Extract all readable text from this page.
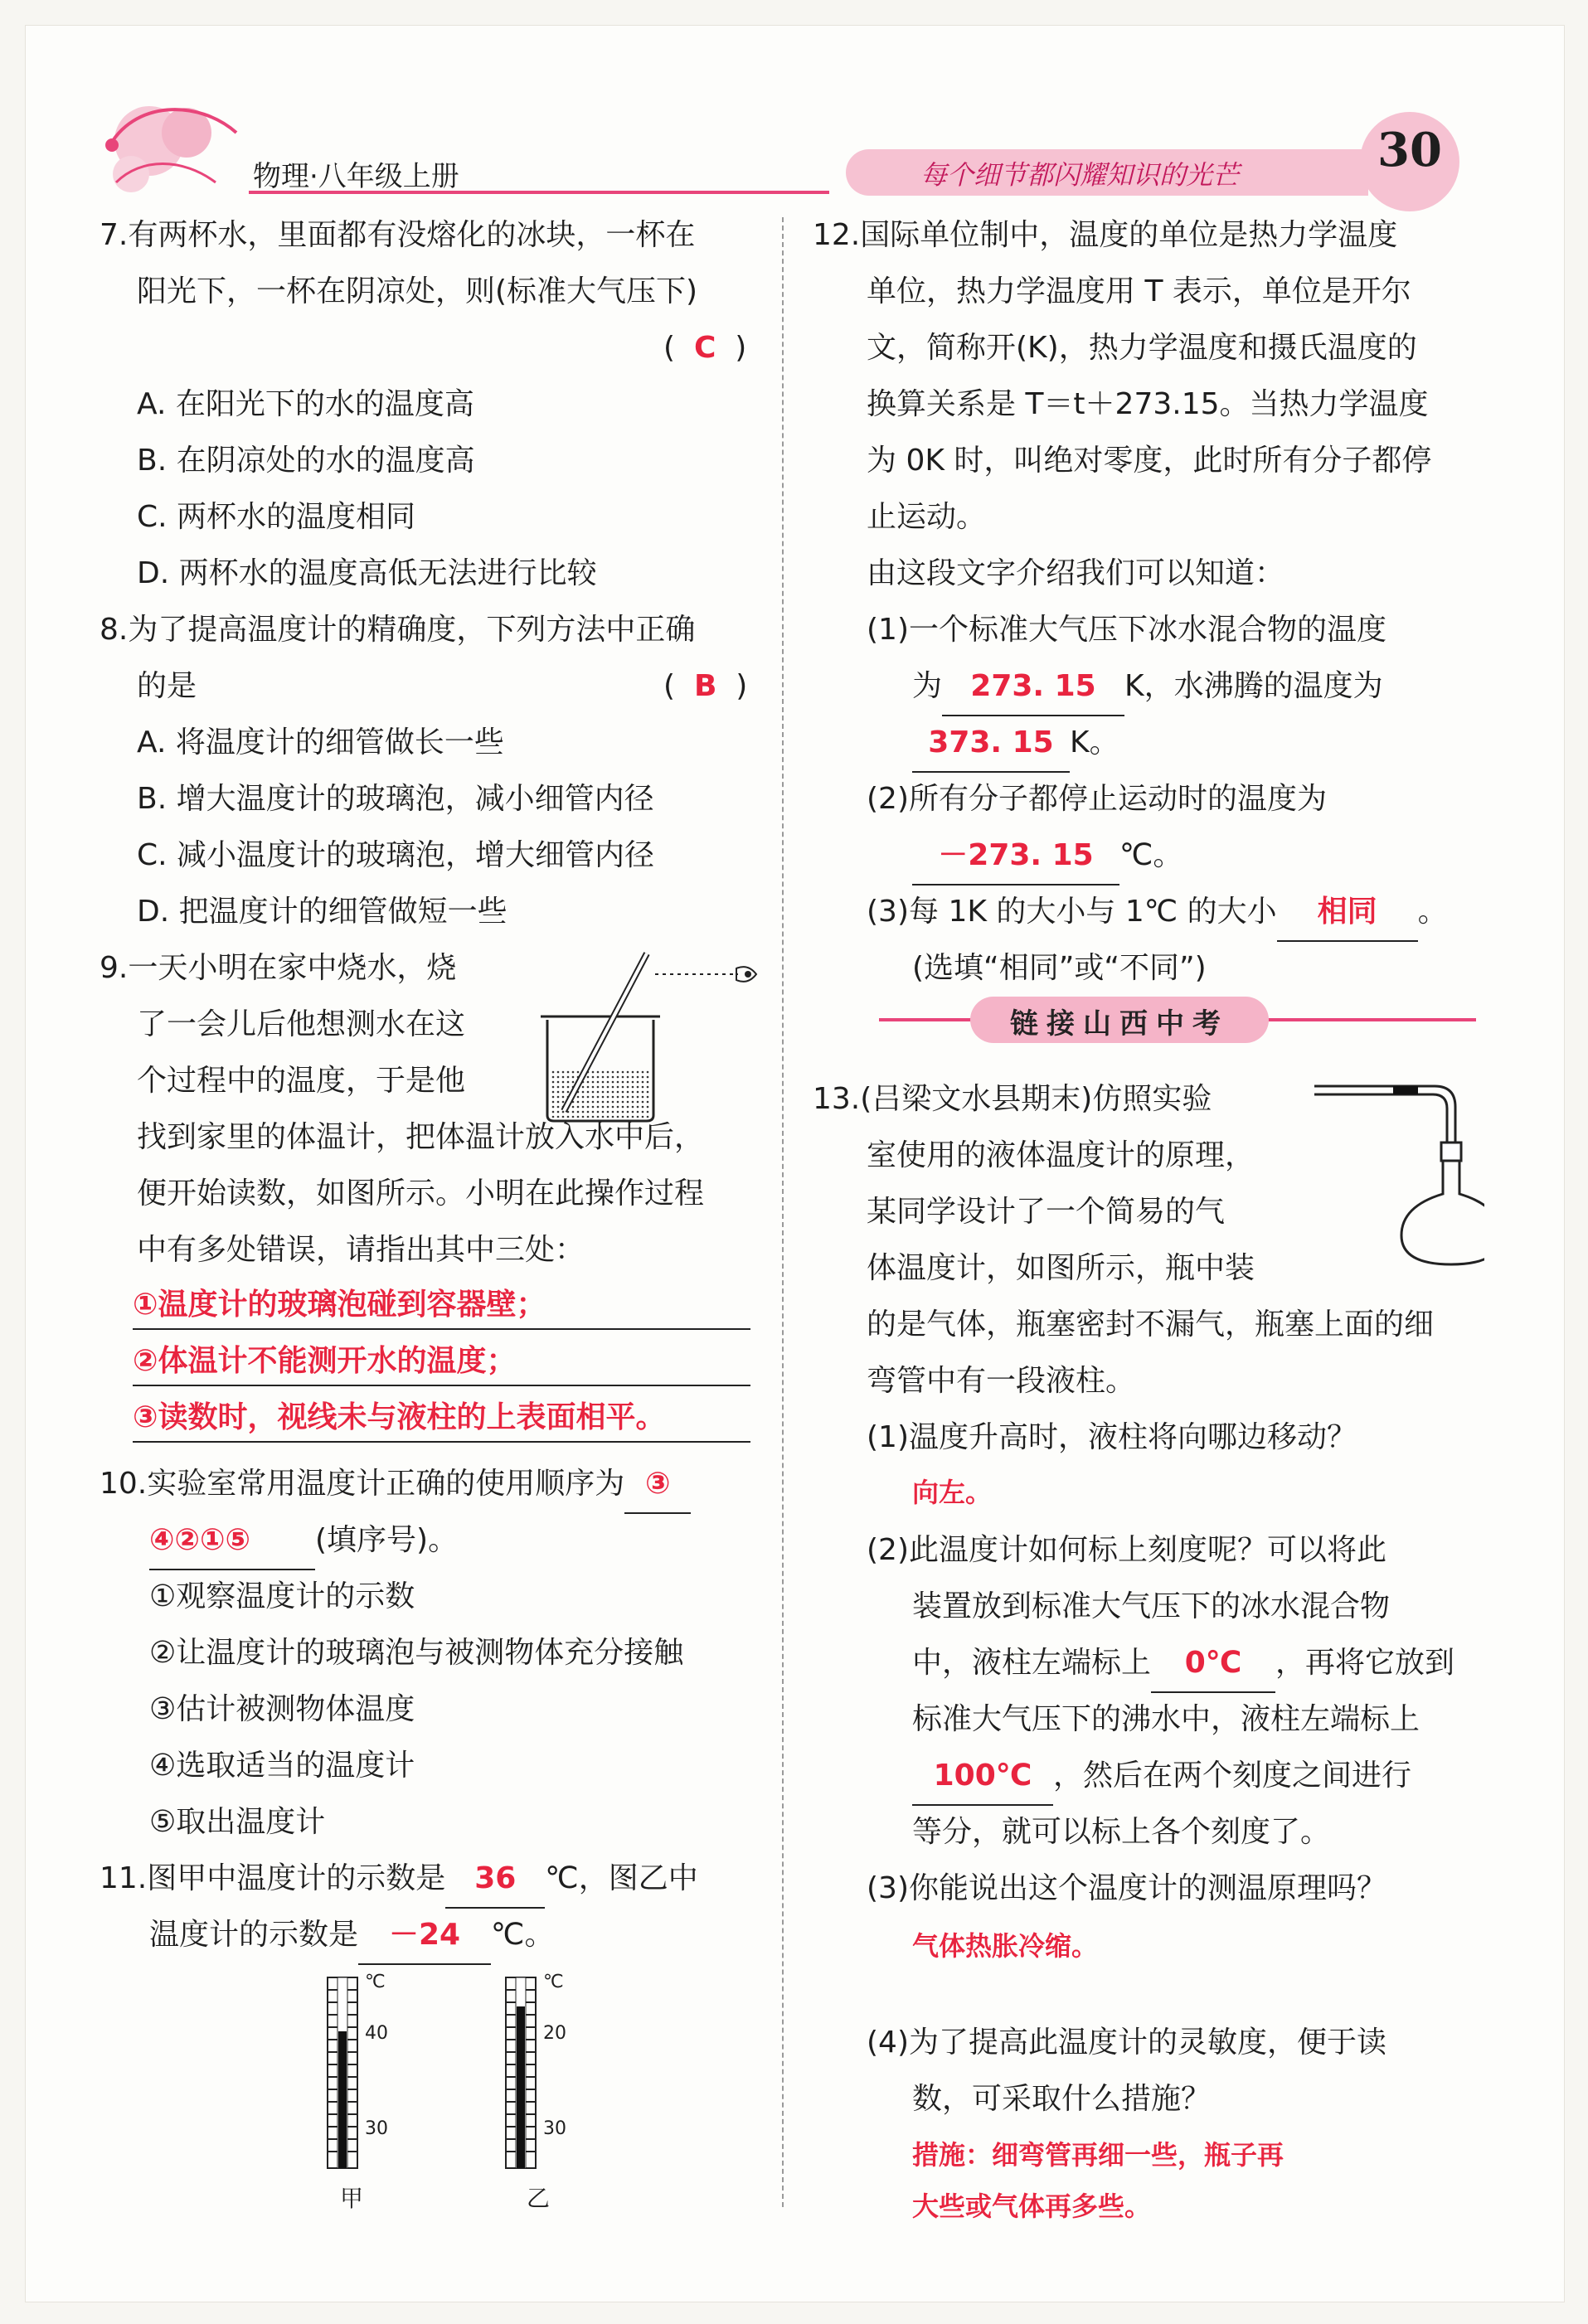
物理·八年级上册	每个细节都闪耀知识的光芒	30
7.有两杯水，里面都有没熔化的冰块，一杯在
阳光下，一杯在阴凉处，则(标准大气压下)
(  C  )
A. 在阳光下的水的温度高
B. 在阴凉处的水的温度高
C. 两杯水的温度相同
D. 两杯水的温度高低无法进行比较
8.为了提高温度计的精确度，下列方法中正确
的是	(  B  )
A. 将温度计的细管做长一些
B. 增大温度计的玻璃泡，减小细管内径
C. 减小温度计的玻璃泡，增大细管内径
D. 把温度计的细管做短一些
9.一天小明在家中烧水，烧
了一会儿后他想测水在这
个过程中的温度，于是他
找到家里的体温计，把体温计放入水中后，
便开始读数，如图所示。小明在此操作过程
中有多处错误，请指出其中三处：
①温度计的玻璃泡碰到容器壁；
②体温计不能测开水的温度；
③读数时，视线未与液柱的上表面相平。
10.实验室常用温度计正确的使用顺序为 ③
④②①⑤ (填序号)。
①观察温度计的示数
②让温度计的玻璃泡与被测物体充分接触
③估计被测物体温度
④选取适当的温度计
⑤取出温度计
11.图甲中温度计的示数是 36 ℃，图乙中
温度计的示数是 －24 ℃。
℃
40
30
甲
℃
20
30
乙
12.国际单位制中，温度的单位是热力学温度
单位，热力学温度用 T 表示，单位是开尔
文，简称开(K)，热力学温度和摄氏温度的
换算关系是 T＝t＋273.15。当热力学温度
为 0K 时，叫绝对零度，此时所有分子都停
止运动。
由这段文字介绍我们可以知道：
(1)一个标准大气压下冰水混合物的温度
为 273. 15 K，水沸腾的温度为
373. 15 K。
(2)所有分子都停止运动时的温度为
－273. 15 ℃。
(3)每 1K 的大小与 1℃ 的大小 相同 。
(选填“相同”或“不同”)
链接山西中考
13.(吕梁文水县期末)仿照实验
室使用的液体温度计的原理，
某同学设计了一个简易的气
体温度计，如图所示，瓶中装
的是气体，瓶塞密封不漏气，瓶塞上面的细
弯管中有一段液柱。
(1)温度升高时，液柱将向哪边移动？
向左。
(2)此温度计如何标上刻度呢？可以将此
装置放到标准大气压下的冰水混合物
中，液柱左端标上 0℃ ，再将它放到
标准大气压下的沸水中，液柱左端标上
100℃ ，然后在两个刻度之间进行
等分，就可以标上各个刻度了。
(3)你能说出这个温度计的测温原理吗？
气体热胀冷缩。
(4)为了提高此温度计的灵敏度，便于读
数，可采取什么措施？
措施：细弯管再细一些，瓶子再
大些或气体再多些。
